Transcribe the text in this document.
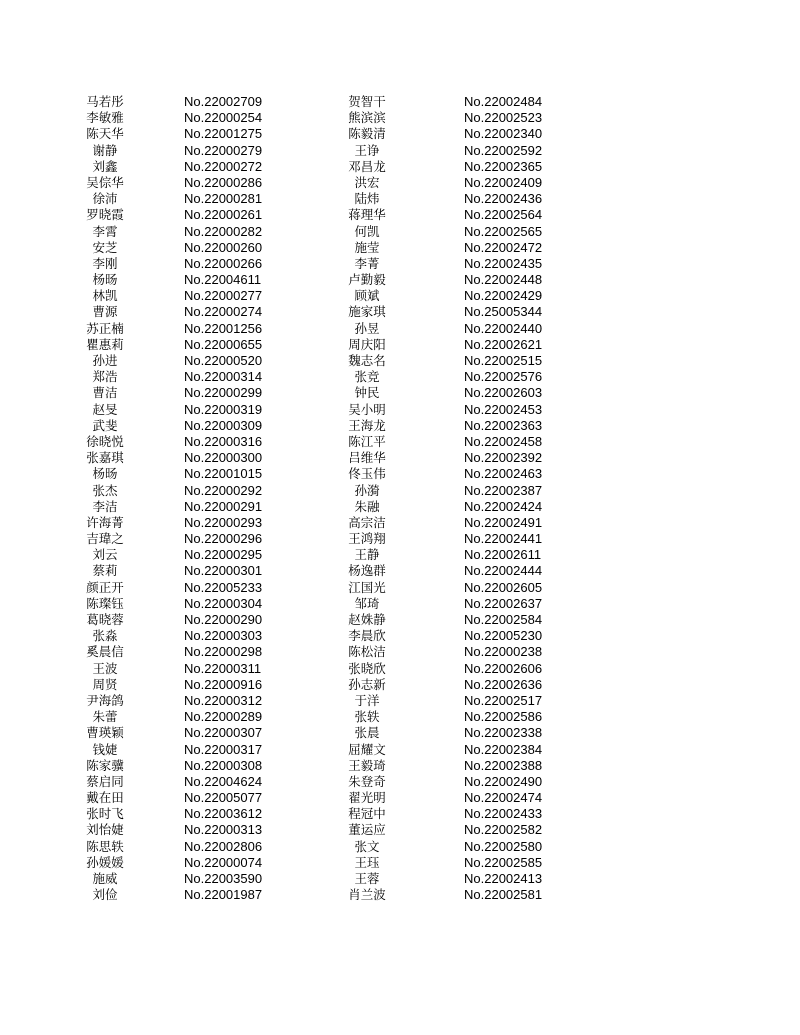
马若彤	No.22002709	贺智干	No.22002484
李敏雅	No.22000254	熊滨滨	No.22002523
陈天华	No.22001275	陈毅清	No.22002340
谢静	No.22000279	王诤	No.22002592
刘鑫	No.22000272	邓昌龙	No.22002365
吴倧华	No.22000286	洪宏	No.22002409
徐沛	No.22000281	陆炜	No.22002436
罗晓霞	No.22000261	蒋理华	No.22002564
李霄	No.22000282	何凯	No.22002565
安芝	No.22000260	施莹	No.22002472
李刚	No.22000266	李菁	No.22002435
杨旸	No.22004611	卢勤毅	No.22002448
林凯	No.22000277	顾斌	No.22002429
曹源	No.22000274	施家琪	No.25005344
苏正楠	No.22001256	孙昱	No.22002440
瞿惠莉	No.22000655	周庆阳	No.22002621
孙进	No.22000520	魏志名	No.22002515
郑浩	No.22000314	张竞	No.22002576
曹洁	No.22000299	钟民	No.22002603
赵旻	No.22000319	吴小明	No.22002453
武斐	No.22000309	王海龙	No.22002363
徐晓悦	No.22000316	陈江平	No.22002458
张嘉琪	No.22000300	吕维华	No.22002392
杨旸	No.22001015	佟玉伟	No.22002463
张杰	No.22000292	孙漪	No.22002387
李洁	No.22000291	朱融	No.22002424
许海菁	No.22000293	高宗洁	No.22002491
吉瑋之	No.22000296	王鸿翔	No.22002441
刘云	No.22000295	王静	No.22002611
蔡莉	No.22000301	杨逸群	No.22002444
颜正开	No.22005233	江国光	No.22002605
陈璨钰	No.22000304	邹琦	No.22002637
葛晓蓉	No.22000290	赵姝静	No.22002584
张淼	No.22000303	李晨欣	No.22005230
奚晨信	No.22000298	陈松洁	No.22000238
王波	No.22000311	张晓欣	No.22002606
周贤	No.22000916	孙志新	No.22002636
尹海鸽	No.22000312	于洋	No.22002517
朱蕾	No.22000289	张轶	No.22002586
曹瑛颖	No.22000307	张晨	No.22002338
钱婕	No.22000317	屈耀文	No.22002384
陈家骥	No.22000308	王毅琦	No.22002388
蔡启同	No.22004624	朱登奇	No.22002490
戴在田	No.22005077	翟光明	No.22002474
张时飞	No.22003612	程冠中	No.22002433
刘怡婕	No.22000313	董运应	No.22002582
陈思轶	No.22002806	张文	No.22002580
孙媛媛	No.22000074	王珏	No.22002585
施威	No.22003590	王蓉	No.22002413
刘俭	No.22001987	肖兰波	No.22002581
